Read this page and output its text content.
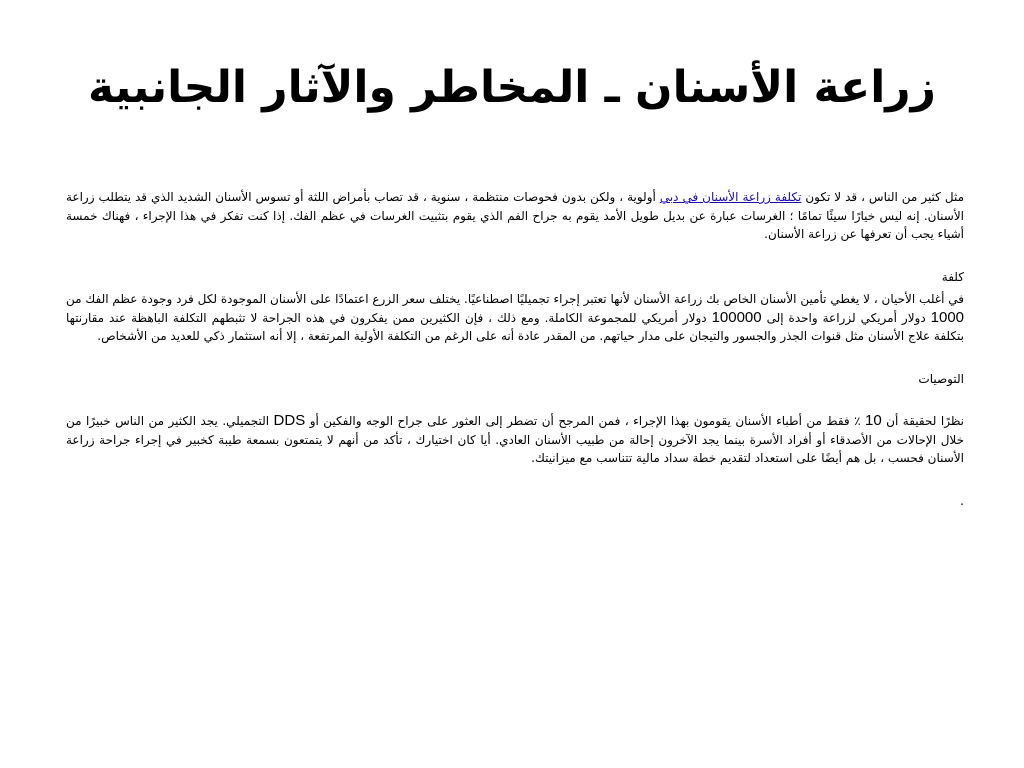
زراعة الأسنان ـ المخاطر والآثار الجانبية

مثل كثير من الناس ، قد لا تكون تكلفة زراعة الأسنان في دبي أولوية ، ولكن بدون فحوصات منتظمة ، سنوية ، قد تصاب بأمراض اللثة أو تسوس الأسنان الشديد الذي قد يتطلب زراعة الأسنان. إنه ليس خيارًا سيئًا تمامًا ؛ الغرسات عبارة عن بديل طويل الأمد يقوم به جراح الفم الذي يقوم بتثبيت الغرسات في عظم الفك. إذا كنت تفكر في هذا الإجراء ، فهناك خمسة أشياء يجب أن تعرفها عن زراعة الأسنان.

كلفة

في أغلب الأحيان ، لا يغطي تأمين الأسنان الخاص بك زراعة الأسنان لأنها تعتبر إجراء تجميليًا اصطناعيًا. يختلف سعر الزرع اعتمادًا على الأسنان الموجودة لكل فرد وجودة عظم الفك من 1000 دولار أمريكي لزراعة واحدة إلى 100000 دولار أمريكي للمجموعة الكاملة. ومع ذلك ، فإن الكثيرين ممن يفكرون في هذه الجراحة لا تثبطهم التكلفة الباهظة عند مقارنتها بتكلفة علاج الأسنان مثل قنوات الجذر والجسور والتيجان على مدار حياتهم. من المقدر عادة أنه على الرغم من التكلفة الأولية المرتفعة ، إلا أنه استثمار ذكي للعديد من الأشخاص.

التوصيات

نظرًا لحقيقة أن 10 ٪ فقط من أطباء الأسنان يقومون بهذا الإجراء ، فمن المرجح أن تضطر إلى العثور على جراح الوجه والفكين أو DDS التجميلي. يجد الكثير من الناس خبيرًا من خلال الإحالات من الأصدقاء أو أفراد الأسرة بينما يجد الآخرون إحالة من طبيب الأسنان العادي. أيا كان اختيارك ، تأكد من أنهم لا يتمتعون بسمعة طيبة كخبير في إجراء جراحة زراعة الأسنان فحسب ، بل هم أيضًا على استعداد لتقديم خطة سداد مالية تتناسب مع ميزانيتك.

.
